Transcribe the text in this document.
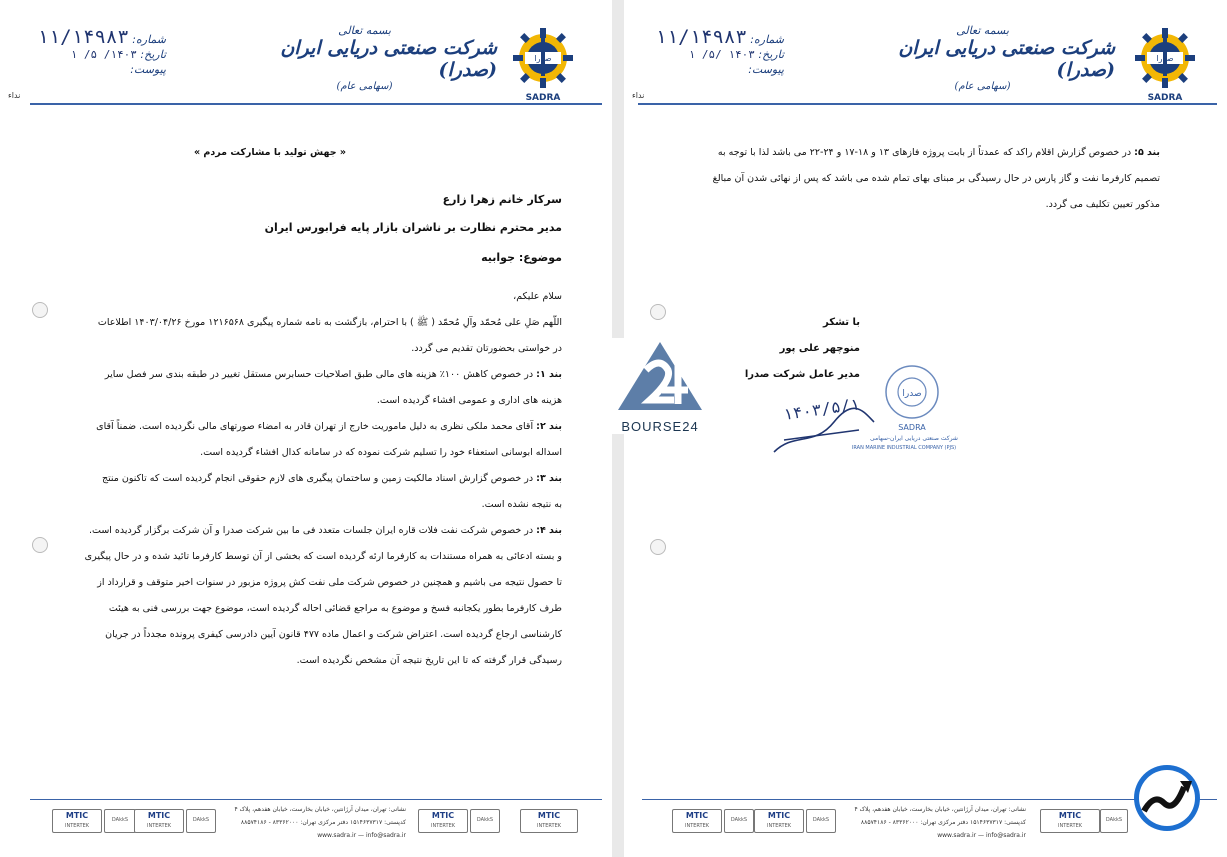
صدرا
SADRA
بسمه تعالی
شرکت صنعتی دریایی ایران (صدرا)
(سهامی عام)
شماره: ۱۱/۱۴۹۸۳
تاریخ: ۱۴۰۳/ ۵/ ۱
پیوست:
نداء
« جهش تولید با مشارکت مردم »

سرکار خانم زهرا زارع

مدیر محترم نظارت بر ناشران بازار پایه فرابورس ایران

موضوع: جوابیه

سلام علیکم،

اللّهم صَلِ علی مُحمّد وآلِ مُحمّد ( ﷺ ) با احترام، بازگشت به نامه شماره پیگیری ۱۲۱۶۵۶۸ مورخ ۱۴۰۳/۰۴/۲۶ اطلاعات

در خواستی بحضورتان تقدیم می گردد.

بند ۱: در خصوص کاهش ۱۰۰٪ هزینه های مالی طبق اصلاحیات حسابرس مستقل تغییر در طبقه بندی سر فصل سایر

هزینه های اداری و عمومی افشاء گردیده است.

بند ۲: آقای محمد ملکی نظری به دلیل ماموریت خارج از تهران قادر به امضاء صورتهای مالی نگردیده است. ضمناً آقای

اسداله ابوسانی استعفاء خود را تسلیم شرکت نموده که در سامانه کدال افشاء گردیده است.

بند ۳: در خصوص گزارش اسناد مالکیت زمین و ساختمان پیگیری های لازم حقوقی انجام گردیده است که تاکنون منتج

به نتیجه نشده است.

بند ۴: در خصوص شرکت نفت فلات قاره ایران جلسات متعدد فی ما بین شرکت صدرا و آن شرکت برگزار گردیده است.

و بسته ادعائی به همراه مستندات به کارفرما ارئه گردیده است که بخشی از آن توسط کارفرما تائید شده و در حال پیگیری

تا حصول نتیجه می باشیم و همچنین در خصوص شرکت ملی نفت کش پروژه مزبور در سنوات اخیر متوقف و قرارداد از

طرف کارفرما بطور یکجانبه فسخ و موضوع به مراجع قضائی احاله گردیده است، موضوع جهت بررسی فنی به هیئت

کارشناسی ارجاع گردیده است. اعتراض شرکت و اعمال ماده ۴۷۷ قانون آیین دادرسی کیفری پرونده مجدداً در جریان

رسیدگی قرار گرفته که تا این تاریخ نتیجه آن مشخص نگردیده است.

MTIC
INTERTEK
DAkkS	MTIC
INTERTEK
DAkkS
نشانی: تهران، میدان آرژانتین، خیابان بخارست، خیابان هفدهم، پلاک ۴
کدپستی: ۱۵۱۴۶۳۷۳۱۷ دفتر مرکزی تهران: ۸۳۳۶۲۰۰۰ - ۸۸۵۷۴۱۸۶
www.sadra.ir — info@sadra.ir
MTIC
INTERTEK
DAkkS	MTIC
INTERTEK
صدرا
SADRA
بسمه تعالی
شرکت صنعتی دریایی ایران (صدرا)
(سهامی عام)
شماره: ۱۱/۱۴۹۸۳
تاریخ: ۱۴۰۳ /۵/ ۱
پیوست:
نداء

بند ۵: در خصوص گزارش اقلام راکد که عمدتاً از بابت پروژه فازهای ۱۳ و ۱۸-۱۷ و ۲۴-۲۲ می باشد لذا با توجه به

تصمیم کارفرما نفت و گاز پارس در حال رسیدگی بر مبنای بهای تمام شده می باشد که پس از نهائی شدن آن مبالغ

مذکور تعیین تکلیف می گردد.

با تشکر
منوچهر علی پور
مدیر عامل شرکت صدرا
صدرا
SADRA
شرکت صنعتی دریایی ایران-سهامی
IRAN MARINE INDUSTRIAL COMPANY (PJS)
۱۴۰۳/۵/۱
MTIC
INTERTEK
DAkkS	MTIC
INTERTEK
DAkkS
نشانی: تهران، میدان آرژانتین، خیابان بخارست، خیابان هفدهم، پلاک ۴
کدپستی: ۱۵۱۴۶۳۷۳۱۷ دفتر مرکزی تهران: ۸۳۳۶۲۰۰۰ - ۸۸۵۷۴۱۸۶
www.sadra.ir — info@sadra.ir
MTIC
INTERTEK
DAkkS
BOURSE24
